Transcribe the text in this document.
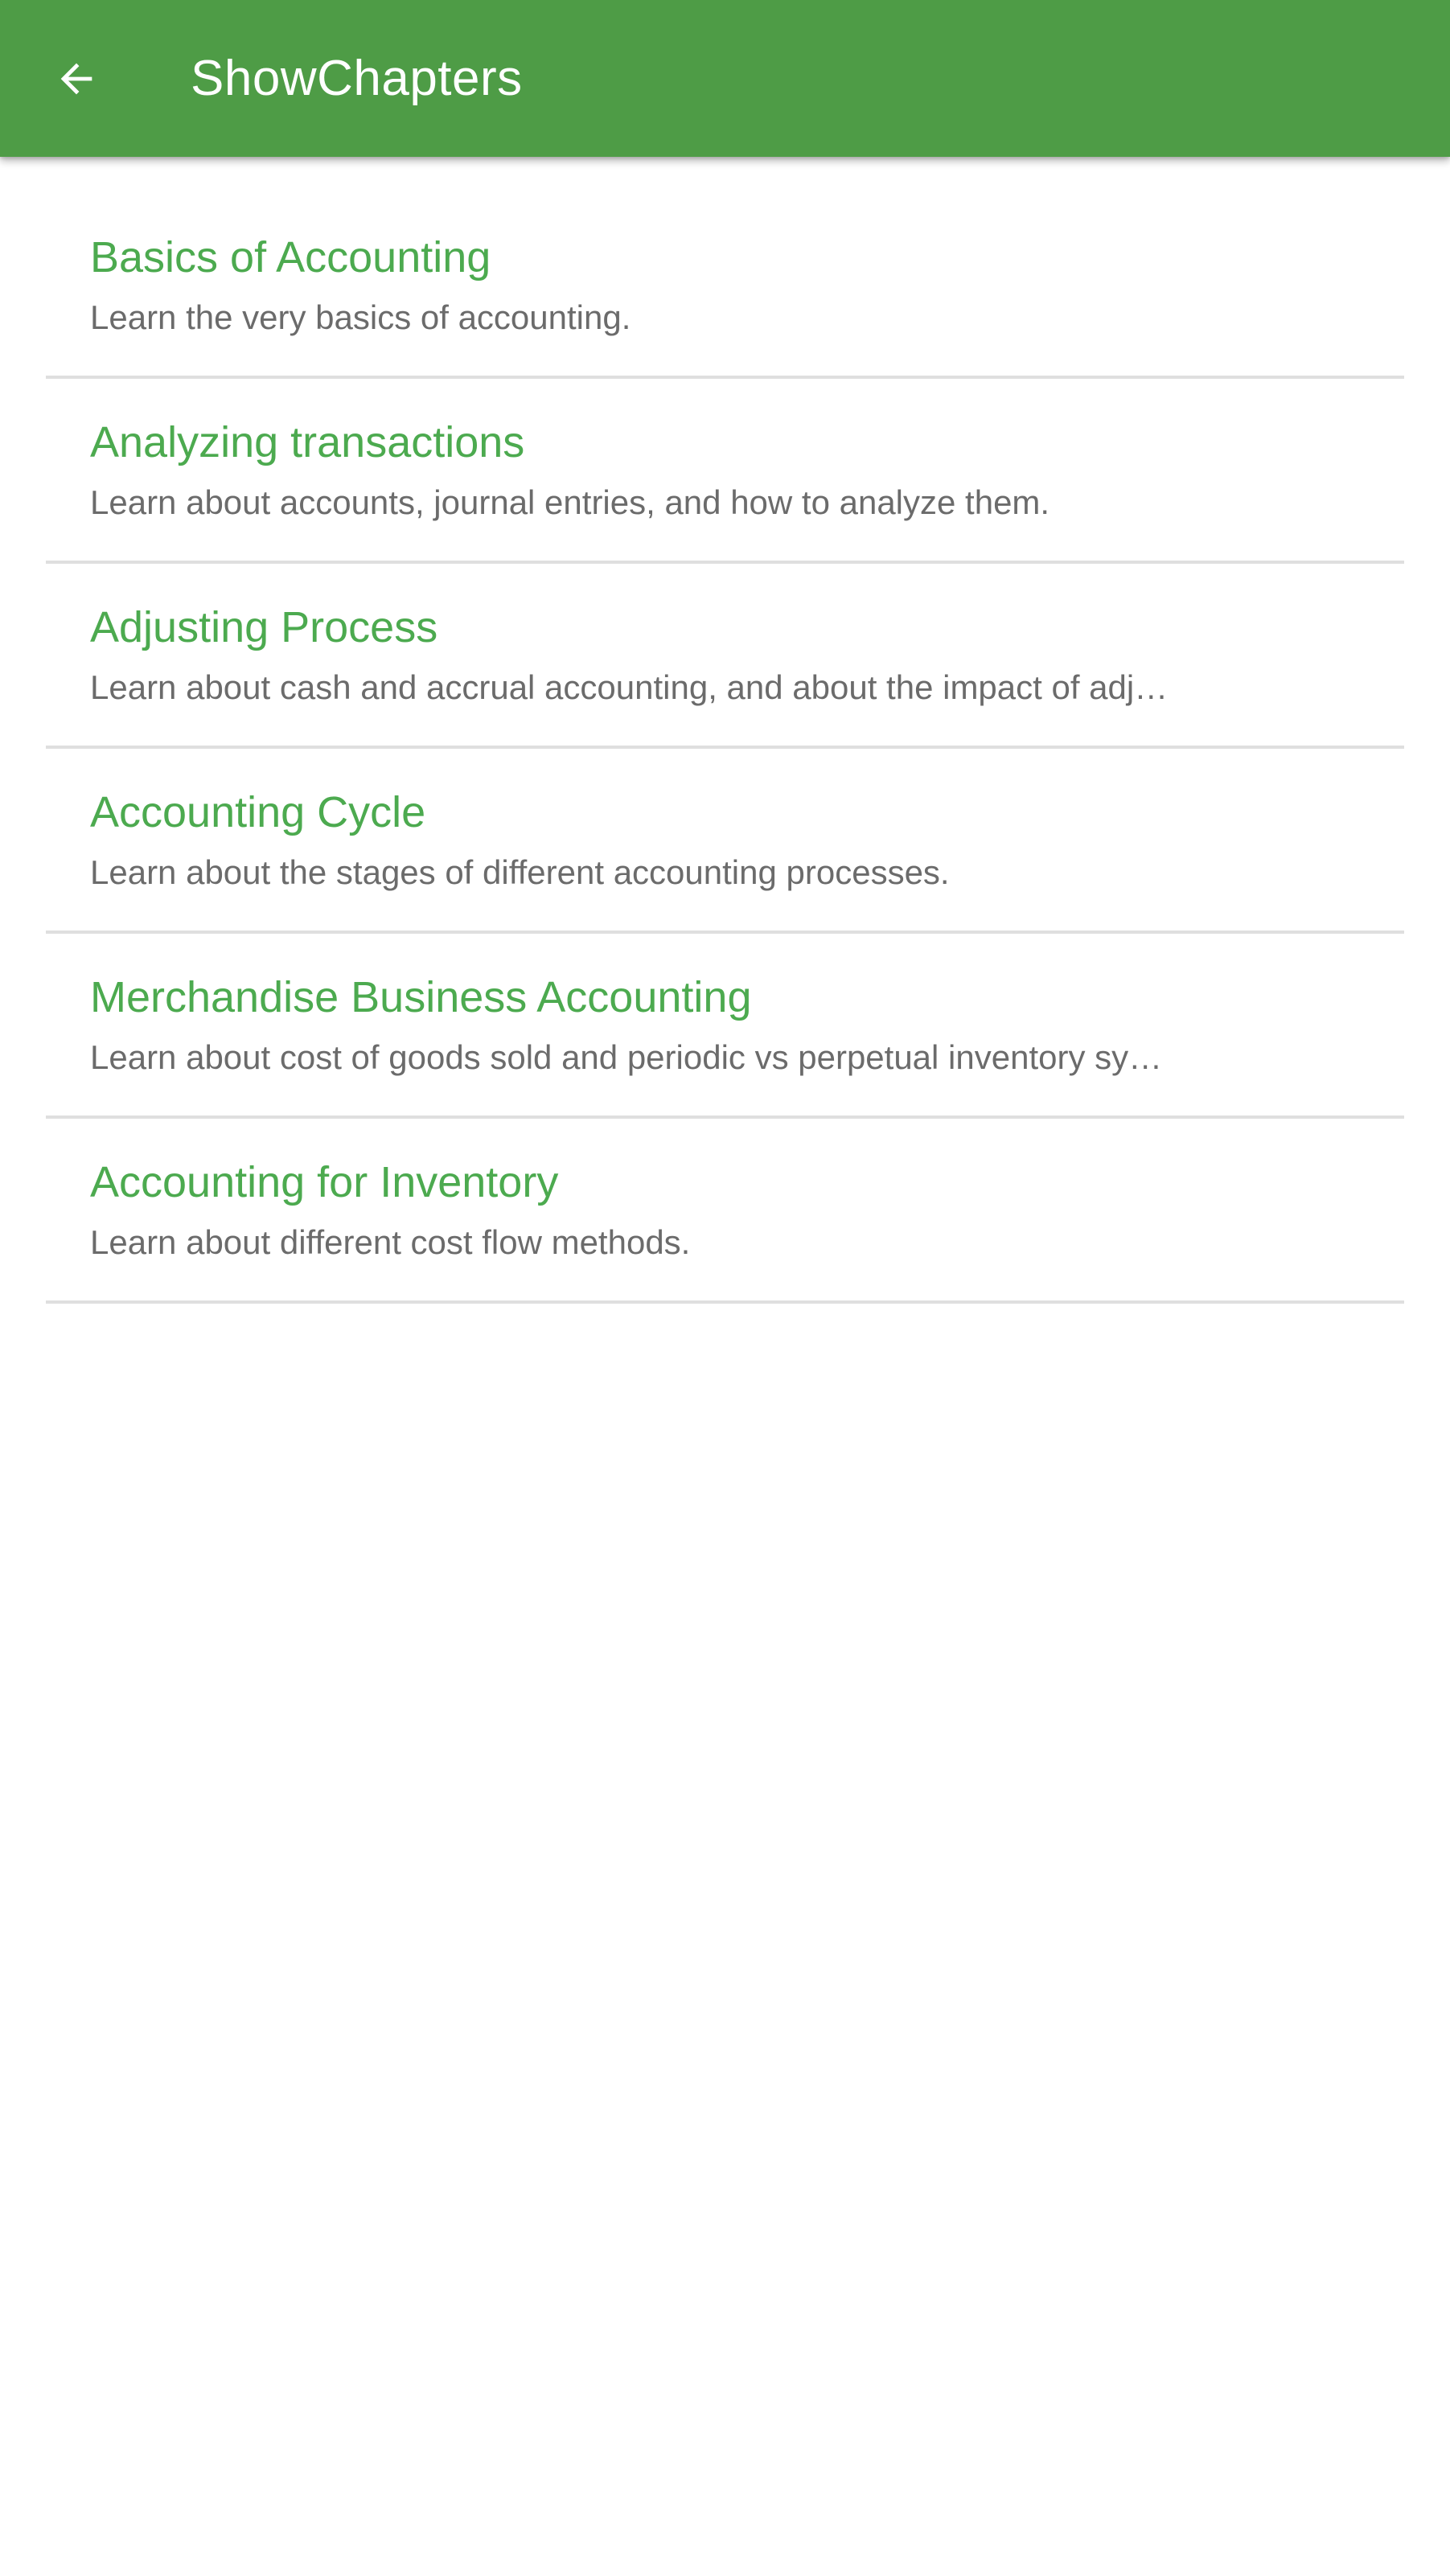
ShowChapters
Basics of Accounting
Learn the very basics of accounting.
Analyzing transactions
Learn about accounts, journal entries, and how to analyze them.
Adjusting Process
Learn about cash and accrual accounting, and about the impact of adj…
Accounting Cycle
Learn about the stages of different accounting processes.
Merchandise Business Accounting
Learn about cost of goods sold and periodic vs perpetual inventory sy…
Accounting for Inventory
Learn about different cost flow methods.
